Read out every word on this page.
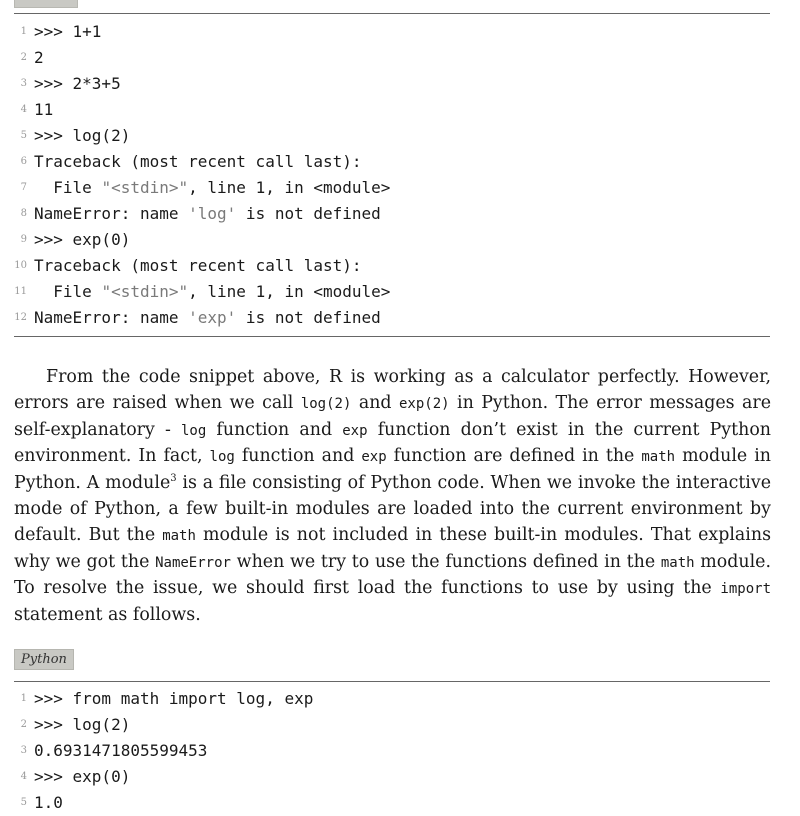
1 >>> 1+1
2 2
3 >>> 2*3+5
4 11
5 >>> log(2)
6 Traceback (most recent call last):
7 File "<stdin>", line 1, in <module>
8 NameError: name 'log' is not defined
9 >>> exp(0)
10 Traceback (most recent call last):
11 File "<stdin>", line 1, in <module>
12 NameError: name 'exp' is not defined

From the code snippet above, R is working as a calculator perfectly. However, errors are raised when we call log(2) and exp(2) in Python. The error messages are self-explanatory - log function and exp function don’t exist in the current Python environment. In fact, log function and exp function are defined in the math module in Python. A module$^3$ is a file consisting of Python code. When we invoke the interactive mode of Python, a few built-in modules are loaded into the current environment by default. But the math module is not included in these built-in modules. That explains why we got the NameError when we try to use the functions defined in the math module. To resolve the issue, we should first load the functions to use by using the import statement as follows.

Python
1 >>> from math import log, exp
2 >>> log(2)
3 0.6931471805599453
4 >>> exp(0)
5 1.0
